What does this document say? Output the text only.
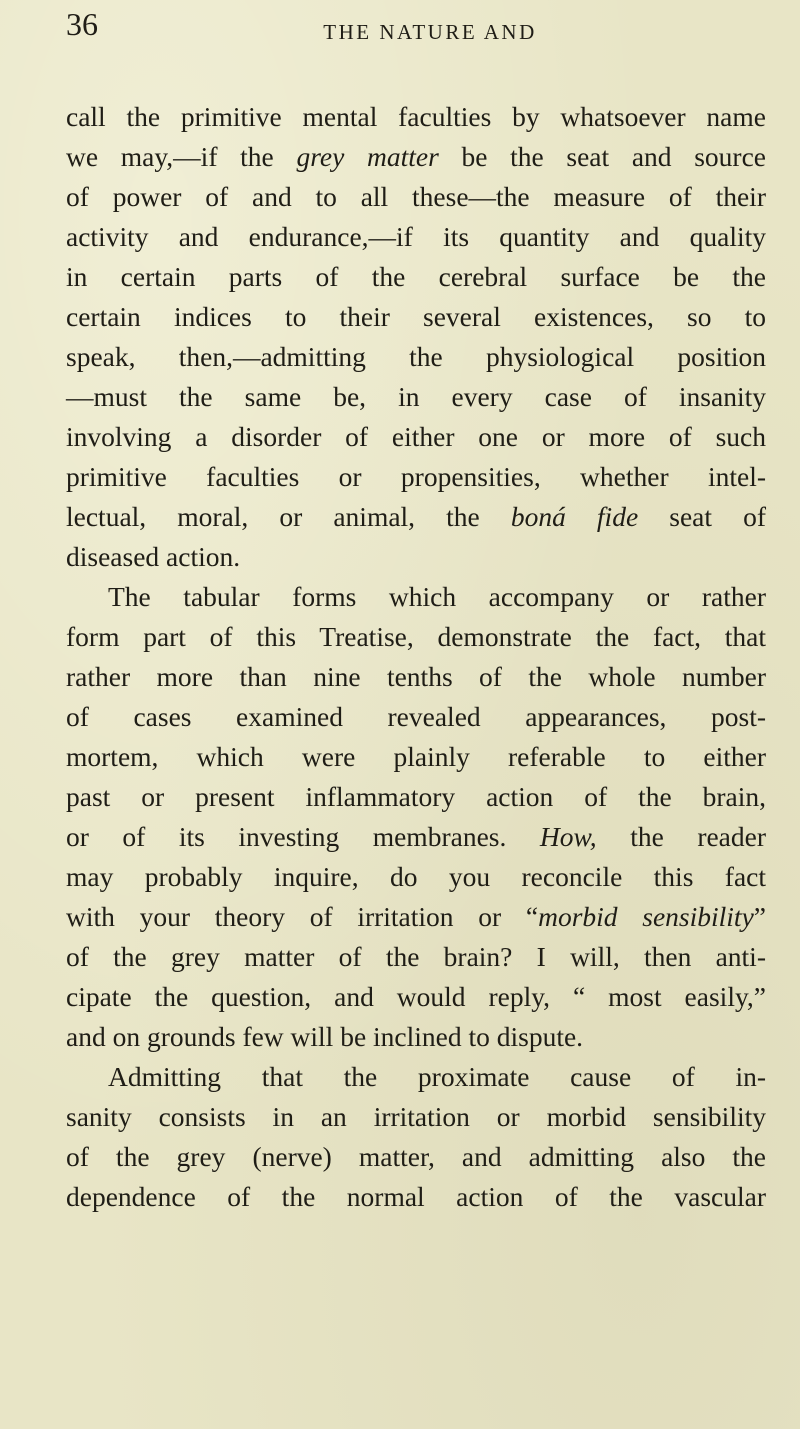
36	THE NATURE AND
call the primitive mental faculties by whatsoever name
we may,—if the grey matter be the seat and source
of power of and to all these—the measure of their
activity and endurance,—if its quantity and quality
in certain parts of the cerebral surface be the
certain indices to their several existences, so to
speak, then,—admitting the physiological position
—must the same be, in every case of insanity
involving a disorder of either one or more of such
primitive faculties or propensities, whether intel-
lectual, moral, or animal, the boná fide seat of
diseased action.
The tabular forms which accompany or rather
form part of this Treatise, demonstrate the fact, that
rather more than nine tenths of the whole number
of cases examined revealed appearances, post-
mortem, which were plainly referable to either
past or present inflammatory action of the brain,
or of its investing membranes. How, the reader
may probably inquire, do you reconcile this fact
with your theory of irritation or “morbid sensibility”
of the grey matter of the brain? I will, then anti-
cipate the question, and would reply, “ most easily,”
and on grounds few will be inclined to dispute.
Admitting that the proximate cause of in-
sanity consists in an irritation or morbid sensibility
of the grey (nerve) matter, and admitting also the
dependence of the normal action of the vascular
